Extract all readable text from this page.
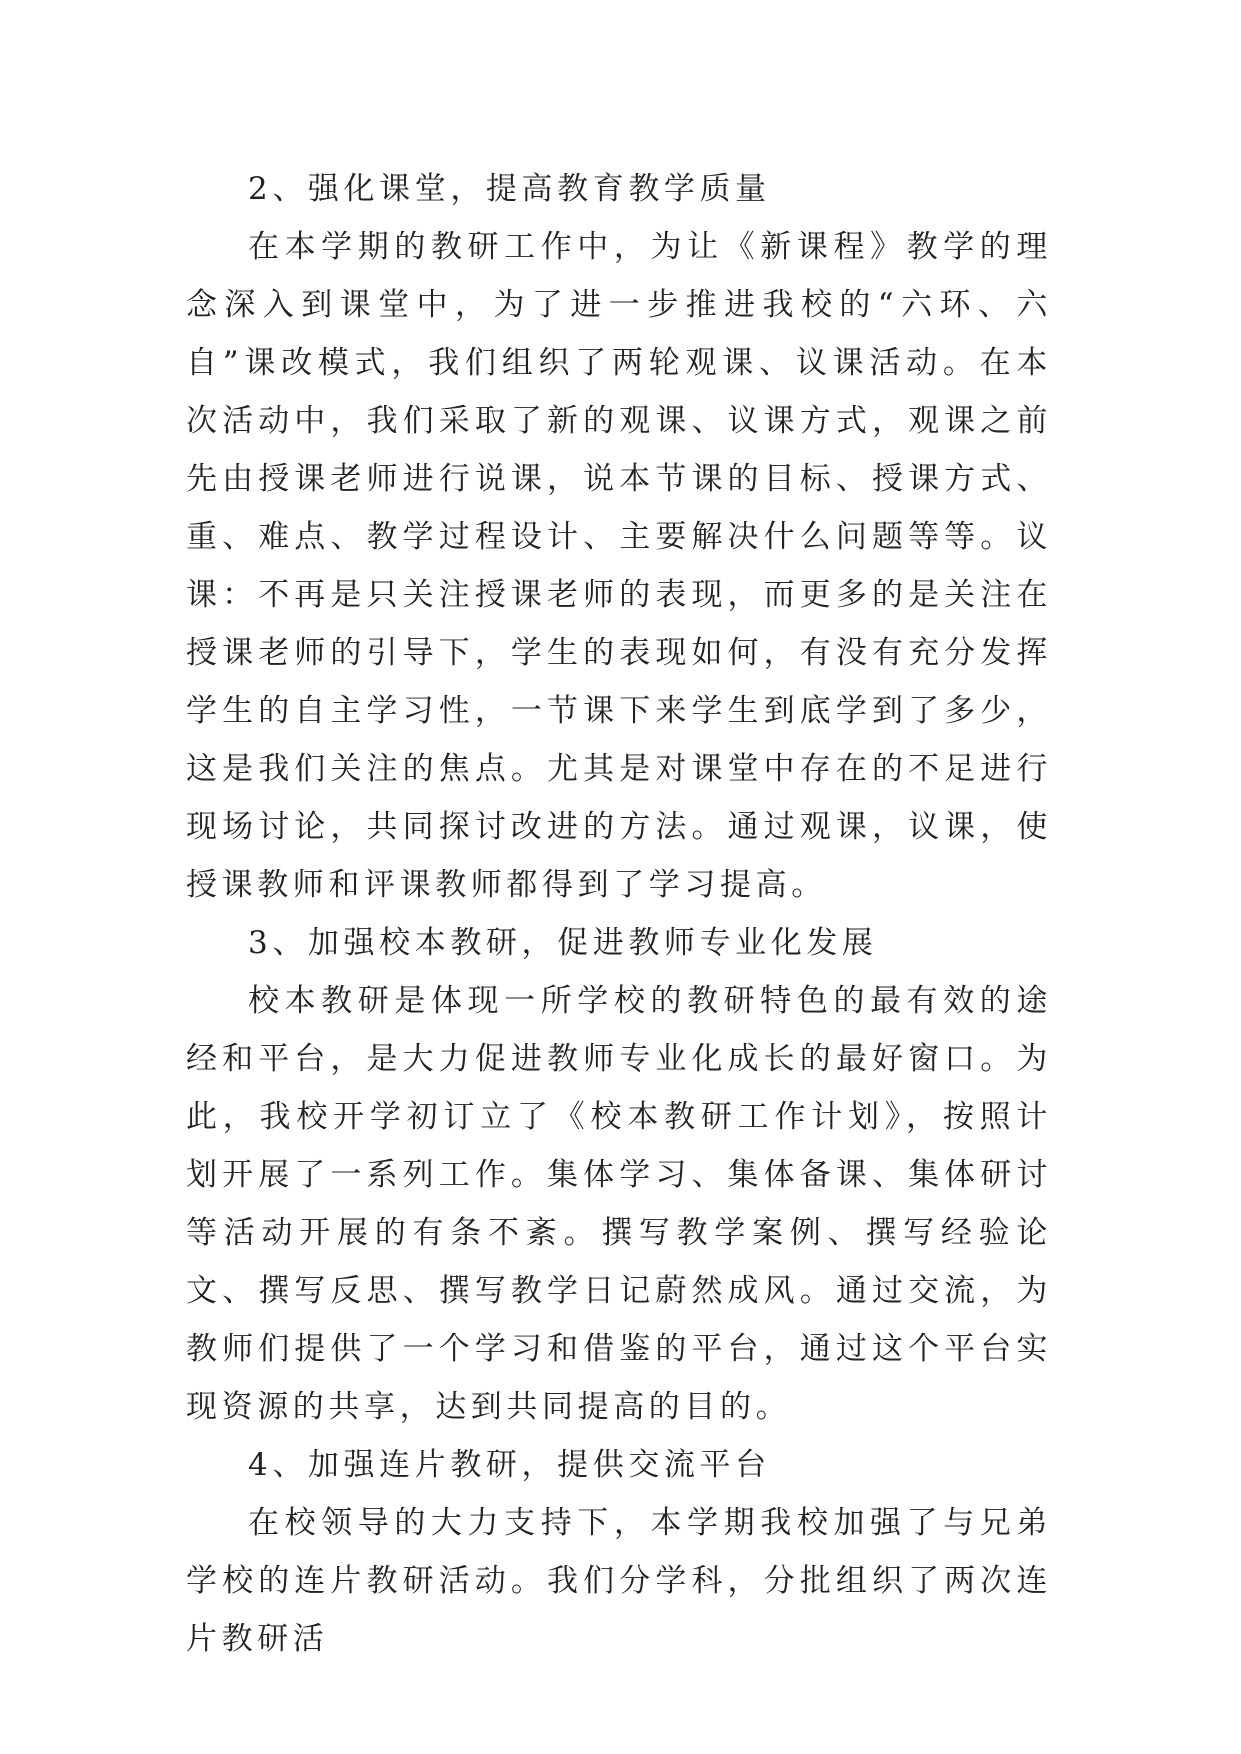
2、强化课堂，提高教育教学质量

在本学期的教研工作中，为让《新课程》教学的理念深入到课堂中，为了进一步推进我校的“六环、六自”课改模式，我们组织了两轮观课、议课活动。在本次活动中，我们采取了新的观课、议课方式，观课之前先由授课老师进行说课，说本节课的目标、授课方式、重、难点、教学过程设计、主要解决什么问题等等。议课：不再是只关注授课老师的表现，而更多的是关注在授课老师的引导下，学生的表现如何，有没有充分发挥学生的自主学习性，一节课下来学生到底学到了多少，这是我们关注的焦点。尤其是对课堂中存在的不足进行现场讨论，共同探讨改进的方法。通过观课，议课，使授课教师和评课教师都得到了学习提高。

3、加强校本教研，促进教师专业化发展

校本教研是体现一所学校的教研特色的最有效的途经和平台，是大力促进教师专业化成长的最好窗口。为此，我校开学初订立了《校本教研工作计划》，按照计划开展了一系列工作。集体学习、集体备课、集体研讨等活动开展的有条不紊。撰写教学案例、撰写经验论文、撰写反思、撰写教学日记蔚然成风。通过交流，为教师们提供了一个学习和借鉴的平台，通过这个平台实现资源的共享，达到共同提高的目的。

4、加强连片教研，提供交流平台

在校领导的大力支持下，本学期我校加强了与兄弟学校的连片教研活动。我们分学科，分批组织了两次连片教研活
